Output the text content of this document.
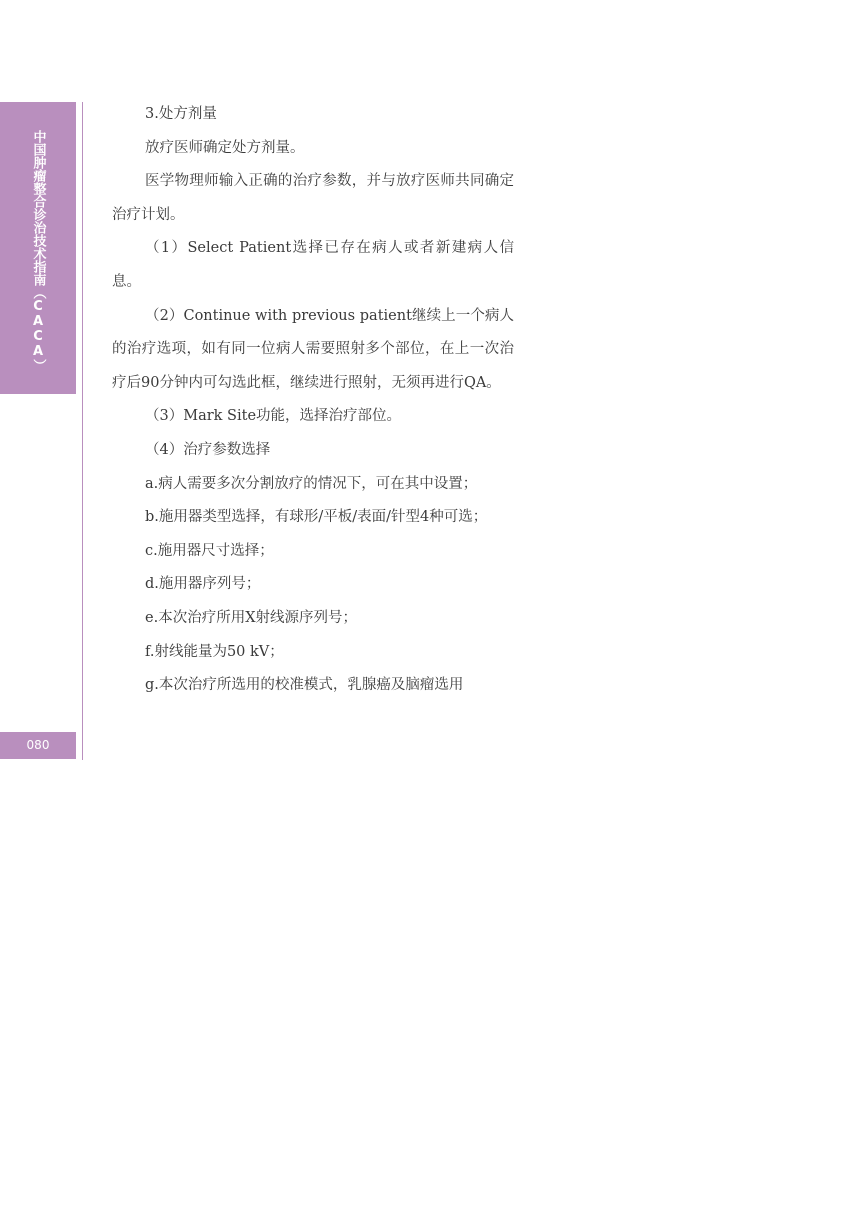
中国肿瘤整合诊治技术指南（CACA）
080

3.处方剂量

放疗医师确定处方剂量。

医学物理师输入正确的治疗参数，并与放疗医师共同确定治疗计划。

（1）Select Patient选择已存在病人或者新建病人信息。

（2）Continue with previous patient继续上一个病人的治疗选项，如有同一位病人需要照射多个部位，在上一次治疗后90分钟内可勾选此框，继续进行照射，无须再进行QA。

（3）Mark Site功能，选择治疗部位。

（4）治疗参数选择

a.病人需要多次分割放疗的情况下，可在其中设置；

b.施用器类型选择，有球形/平板/表面/针型4种可选；

c.施用器尺寸选择；

d.施用器序列号；

e.本次治疗所用X射线源序列号；

f.射线能量为50 kV；

g.本次治疗所选用的校准模式，乳腺癌及脑瘤选用
